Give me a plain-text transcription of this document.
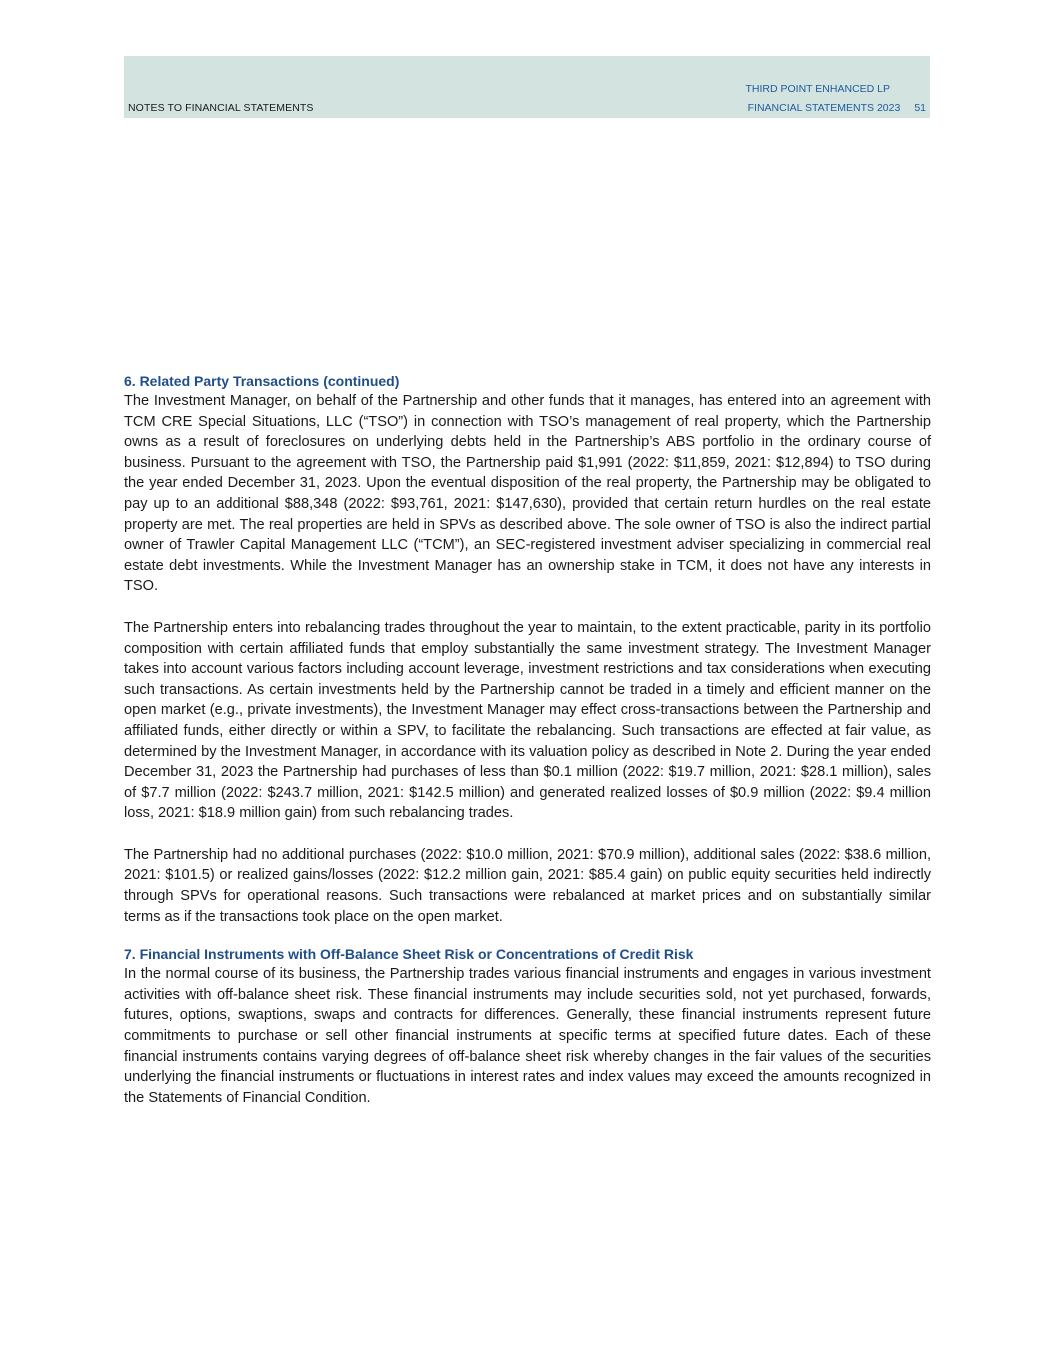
NOTES TO FINANCIAL STATEMENTS
THIRD POINT ENHANCED LP
FINANCIAL STATEMENTS 2023 51
6. Related Party Transactions (continued)

The Investment Manager, on behalf of the Partnership and other funds that it manages, has entered into an agreement with TCM CRE Special Situations, LLC (“TSO”) in connection with TSO’s management of real property, which the Partnership owns as a result of foreclosures on underlying debts held in the Partnership’s ABS portfolio in the ordinary course of business. Pursuant to the agreement with TSO, the Partnership paid $1,991 (2022: $11,859, 2021: $12,894) to TSO during the year ended December 31, 2023. Upon the eventual disposition of the real property, the Partnership may be obligated to pay up to an additional $88,348 (2022: $93,761, 2021: $147,630), provided that certain return hurdles on the real estate property are met. The real properties are held in SPVs as described above. The sole owner of TSO is also the indirect partial owner of Trawler Capital Management LLC (“TCM”), an SEC-registered investment adviser specializing in commercial real estate debt investments. While the Investment Manager has an ownership stake in TCM, it does not have any interests in TSO.

The Partnership enters into rebalancing trades throughout the year to maintain, to the extent practicable, parity in its portfolio composition with certain affiliated funds that employ substantially the same investment strategy. The Investment Manager takes into account various factors including account leverage, investment restrictions and tax considerations when executing such transactions. As certain investments held by the Partnership cannot be traded in a timely and efficient manner on the open market (e.g., private investments), the Investment Manager may effect cross-transactions between the Partnership and affiliated funds, either directly or within a SPV, to facilitate the rebalancing. Such transactions are effected at fair value, as determined by the Investment Manager, in accordance with its valuation policy as described in Note 2. During the year ended December 31, 2023 the Partnership had purchases of less than $0.1 million (2022: $19.7 million, 2021: $28.1 million), sales of $7.7 million (2022: $243.7 million, 2021: $142.5 million) and generated realized losses of $0.9 million (2022: $9.4 million loss, 2021: $18.9 million gain) from such rebalancing trades.

The Partnership had no additional purchases (2022: $10.0 million, 2021: $70.9 million), additional sales (2022: $38.6 million, 2021: $101.5) or realized gains/losses (2022: $12.2 million gain, 2021: $85.4 gain) on public equity securities held indirectly through SPVs for operational reasons. Such transactions were rebalanced at market prices and on substantially similar terms as if the transactions took place on the open market.

7. Financial Instruments with Off-Balance Sheet Risk or Concentrations of Credit Risk

In the normal course of its business, the Partnership trades various financial instruments and engages in various investment activities with off-balance sheet risk. These financial instruments may include securities sold, not yet purchased, forwards, futures, options, swaptions, swaps and contracts for differences. Generally, these financial instruments represent future commitments to purchase or sell other financial instruments at specific terms at specified future dates. Each of these financial instruments contains varying degrees of off-balance sheet risk whereby changes in the fair values of the securities underlying the financial instruments or fluctuations in interest rates and index values may exceed the amounts recognized in the Statements of Financial Condition.
